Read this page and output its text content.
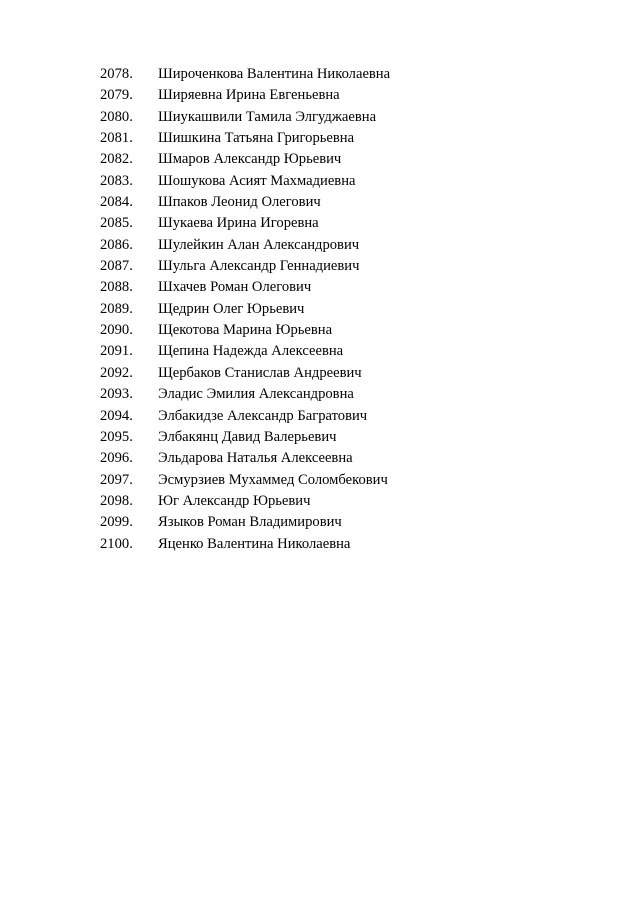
2078.	Широченкова Валентина Николаевна
2079.	Ширяевна Ирина Евгеньевна
2080.	Шиукашвили Тамила Элгуджаевна
2081.	Шишкина Татьяна Григорьевна
2082.	Шмаров Александр Юрьевич
2083.	Шошукова Асият Махмадиевна
2084.	Шпаков Леонид Олегович
2085.	Шукаева Ирина Игоревна
2086.	Шулейкин Алан Александрович
2087.	Шульга Александр Геннадиевич
2088.	Шхачев Роман Олегович
2089.	Щедрин Олег Юрьевич
2090.	Щекотова Марина Юрьевна
2091.	Щепина Надежда Алексеевна
2092.	Щербаков Станислав Андреевич
2093.	Эладис Эмилия Александровна
2094.	Элбакидзе Александр Багратович
2095.	Элбакянц Давид Валерьевич
2096.	Эльдарова Наталья Алексеевна
2097.	Эсмурзиев Мухаммед Соломбекович
2098.	Юг Александр Юрьевич
2099.	Языков Роман Владимирович
2100.	Яценко Валентина Николаевна
